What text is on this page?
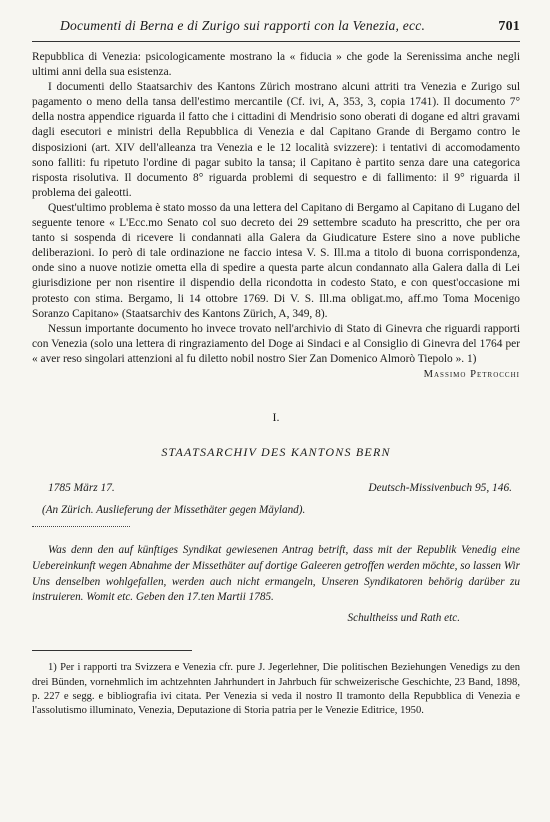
Documenti di Berna e di Zurigo sui rapporti con la Venezia, ecc.	701

Repubblica di Venezia: psicologicamente mostrano la « fiducia » che gode la Serenissima anche negli ultimi anni della sua esistenza.

I documenti dello Staatsarchiv des Kantons Zürich mostrano alcuni attriti tra Venezia e Zurigo sul pagamento o meno della tansa dell'estimo mercantile (Cf. ivi, A, 353, 3, copia 1741). Il documento 7° della nostra appendice riguarda il fatto che i cittadini di Mendrisio sono oberati di dogane ed altri gravami dagli esecutori e ministri della Repubblica di Venezia e dal Capitano Grande di Bergamo contro le disposizioni (art. XIV dell'alleanza tra Venezia e le 12 località svizzere): i tentativi di accomodamento sono falliti: fu ripetuto l'ordine di pagar subito la tansa; il Capitano è partito senza dare una categorica risposta risolutiva. Il documento 8° riguarda problemi di sequestro e di fallimento: il 9° riguarda il problema dei galeotti.

Quest'ultimo problema è stato mosso da una lettera del Capitano di Bergamo al Capitano di Lugano del seguente tenore « L'Ecc.mo Senato col suo decreto dei 29 settembre scaduto ha prescritto, che per ora tanto si sospenda di ricevere li condannati alla Galera da Giudicature Estere sino a nove publiche deliberazioni. Io però di tale ordinazione ne faccio intesa V. S. Ill.ma a titolo di buona corrispondenza, onde sino a nuove notizie ometta ella di spedire a questa parte alcun condannato alla Galera dalla di Lei giurisdizione per non risentire il dispendio della ricondotta in codesto Stato, e con quest'occasione mi protesto con stima. Bergamo, li 14 ottobre 1769. Di V. S. Ill.ma obligat.mo, aff.mo Toma Mocenigo Soranzo Capitano» (Staatsarchiv des Kantons Zürich, A, 349, 8).

Nessun importante documento ho invece trovato nell'archivio di Stato di Ginevra che riguardi rapporti con Venezia (solo una lettera di ringraziamento del Doge ai Sindaci e al Consiglio di Ginevra del 1764 per « aver reso singolari attenzioni al fu diletto nobil nostro Sier Zan Domenico Almorò Tiepolo ». 1)

Massimo Petrocchi
I.
STAATSARCHIV DES KANTONS BERN
1785 März 17.	Deutsch-Missivenbuch 95, 146.
(An Zürich. Auslieferung der Missethäter gegen Mäyland).

Was denn den auf künftiges Syndikat gewiesenen Antrag betrift, dass mit der Republik Venedig eine Uebereinkunft wegen Abnahme der Missethäter auf dortige Galeeren getroffen werden möchte, so lassen Wir Uns denselben wohlgefallen, werden auch nicht ermangeln, Unseren Syndikatoren behörig darüber zu instruieren. Womit etc. Geben den 17.ten Martii 1785.

Schultheiss und Rath etc.

1) Per i rapporti tra Svizzera e Venezia cfr. pure J. Jegerlehner, Die politischen Beziehungen Venedigs zu den drei Bünden, vornehmlich im achtzehnten Jahrhundert in Jahrbuch für schweizerische Geschichte, 23 Band, 1898, p. 227 e segg. e bibliografia ivi citata. Per Venezia si veda il nostro Il tramonto della Repubblica di Venezia e l'assolutismo illuminato, Venezia, Deputazione di Storia patria per le Venezie Editrice, 1950.
